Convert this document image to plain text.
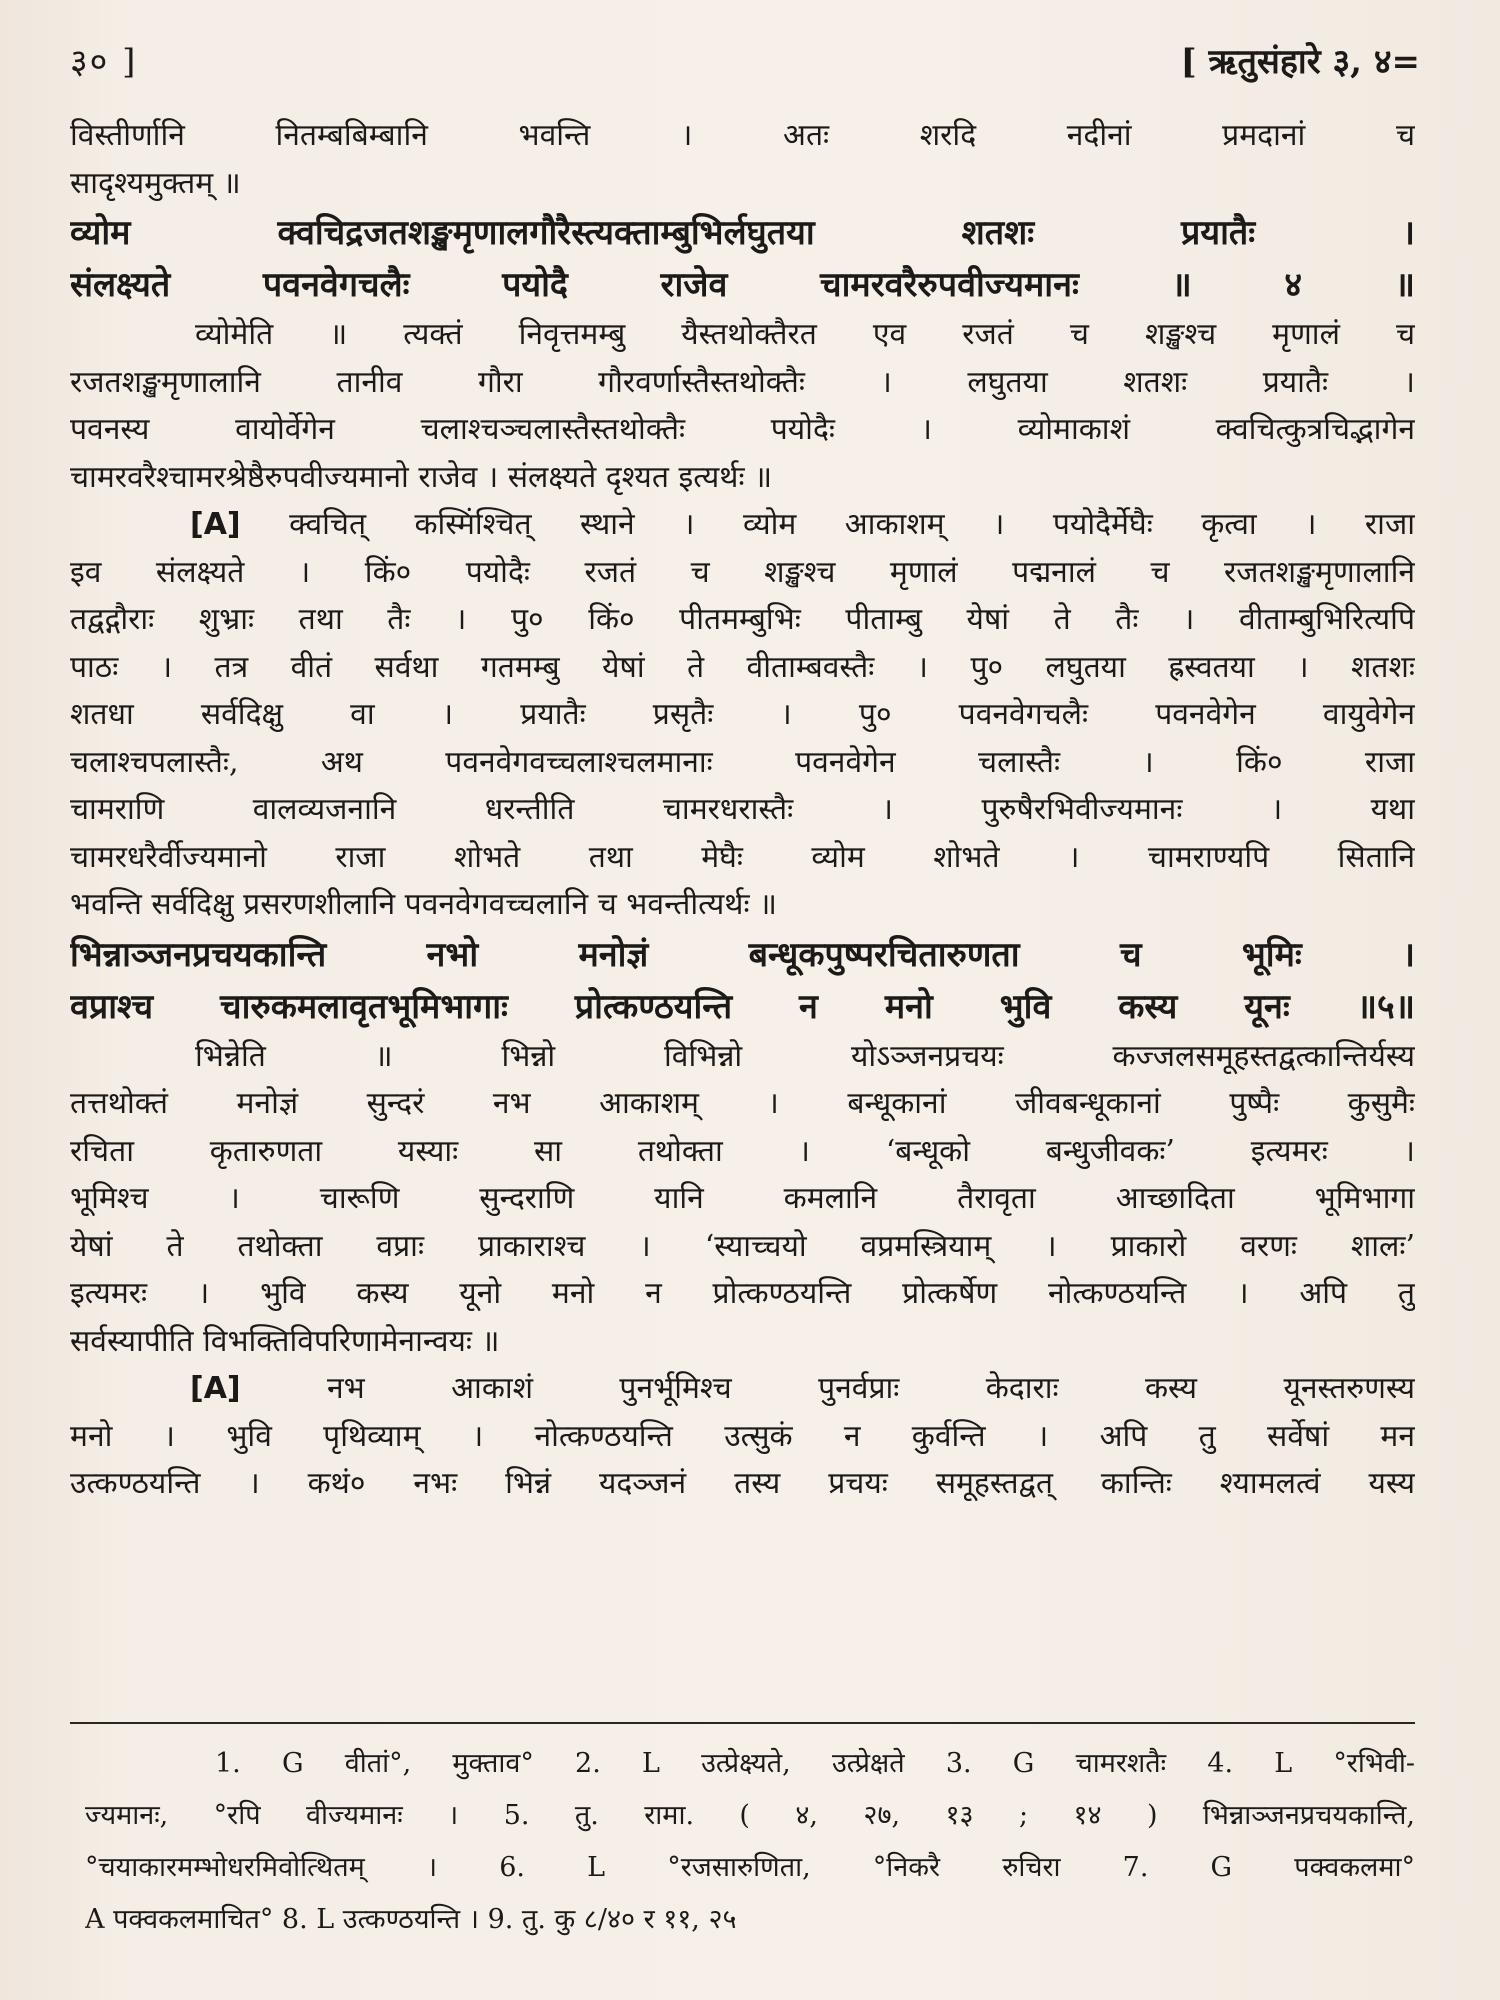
३० ]	[ ऋतुसंहारे ३, ४=
विस्तीर्णानि नितम्बबिम्बानि भवन्ति । अतः शरदि नदीनां प्रमदानां च
सादृश्यमुक्तम् ॥
व्योम क्वचिद्रजतशङ्खमृणालगौरैस्त्यक्ताम्बुभिर्लघुतया शतशः प्रयातैः ।
संलक्ष्यते पवनवेगचलैः पयोदै राजेव चामरवरैरुपवीज्यमानः ॥ ४ ॥
व्योमेति ॥ त्यक्तं निवृत्तमम्बु यैस्तथोक्तैरत एव रजतं च शङ्खश्च मृणालं च
रजतशङ्खमृणालानि तानीव गौरा गौरवर्णास्तैस्तथोक्तैः । लघुतया शतशः प्रयातैः ।
पवनस्य वायोर्वेगेन चलाश्चञ्चलास्तैस्तथोक्तैः पयोदैः । व्योमाकाशं क्वचित्कुत्रचिद्भागेन
चामरवरैश्चामरश्रेष्ठैरुपवीज्यमानो राजेव । संलक्ष्यते दृश्यत इत्यर्थः ॥
[A] क्वचित् कस्मिंश्चित् स्थाने । व्योम आकाशम् । पयोदैर्मेघैः कृत्वा । राजा
इव संलक्ष्यते । किं० पयोदैः रजतं च शङ्खश्च मृणालं पद्मनालं च रजतशङ्खमृणालानि
तद्वद्गौराः शुभ्राः तथा तैः । पु० किं० पीतमम्बुभिः पीताम्बु येषां ते तैः । वीताम्बुभिरित्यपि
पाठः । तत्र वीतं सर्वथा गतमम्बु येषां ते वीताम्बवस्तैः । पु० लघुतया ह्रस्वतया । शतशः
शतधा सर्वदिक्षु वा । प्रयातैः प्रसृतैः । पु० पवनवेगचलैः पवनवेगेन वायुवेगेन
चलाश्चपलास्तैः, अथ पवनवेगवच्चलाश्चलमानाः पवनवेगेन चलास्तैः । किं० राजा
चामराणि वालव्यजनानि धरन्तीति चामरधरास्तैः । पुरुषैरभिवीज्यमानः । यथा
चामरधरैर्वीज्यमानो राजा शोभते तथा मेघैः व्योम शोभते । चामराण्यपि सितानि
भवन्ति सर्वदिक्षु प्रसरणशीलानि पवनवेगवच्चलानि च भवन्तीत्यर्थः ॥
भिन्नाञ्जनप्रचयकान्ति नभो मनोज्ञं बन्धूकपुष्परचितारुणता च भूमिः ।
वप्राश्च चारुकमलावृतभूमिभागाः प्रोत्कण्ठयन्ति न मनो भुवि कस्य यूनः ॥५॥
भिन्नेति ॥ भिन्नो विभिन्नो योऽञ्जनप्रचयः कज्जलसमूहस्तद्वत्कान्तिर्यस्य
तत्तथोक्तं मनोज्ञं सुन्दरं नभ आकाशम् । बन्धूकानां जीवबन्धूकानां पुष्पैः कुसुमैः
रचिता कृतारुणता यस्याः सा तथोक्ता । ‘बन्धूको बन्धुजीवकः’ इत्यमरः ।
भूमिश्च । चारूणि सुन्दराणि यानि कमलानि तैरावृता आच्छादिता भूमिभागा
येषां ते तथोक्ता वप्राः प्राकाराश्च । ‘स्याच्चयो वप्रमस्त्रियाम् । प्राकारो वरणः शालः’
इत्यमरः । भुवि कस्य यूनो मनो न प्रोत्कण्ठयन्ति प्रोत्कर्षेण नोत्कण्ठयन्ति । अपि तु
सर्वस्यापीति विभक्तिविपरिणामेनान्वयः ॥
[A]	नभ आकाशं पुनर्भूमिश्च पुनर्वप्राः केदाराः कस्य यूनस्तरुणस्य
मनो । भुवि पृथिव्याम् । नोत्कण्ठयन्ति उत्सुकं न कुर्वन्ति । अपि तु सर्वेषां मन
उत्कण्ठयन्ति । कथं० नभः भिन्नं यदञ्जनं तस्य प्रचयः समूहस्तद्वत् कान्तिः श्यामलत्वं यस्य
1. G वीतां°, मुक्ताव° 2. L उत्प्रेक्ष्यते, उत्प्रेक्षते 3. G चामरशतैः 4. L °रभिवी-
ज्यमानः, °रपि वीज्यमानः । 5. तु. रामा. ( ४, २७, १३ ; १४ ) भिन्नाञ्जनप्रचयकान्ति,
°चयाकारमम्भोधरमिवोत्थितम् । 6. L °रजसारुणिता, °निकरै रुचिरा 7. G पक्वकलमा°
A पक्वकलमाचित° 8. L उत्कण्ठयन्ति । 9. तु. कु ८/४० र ११, २५
